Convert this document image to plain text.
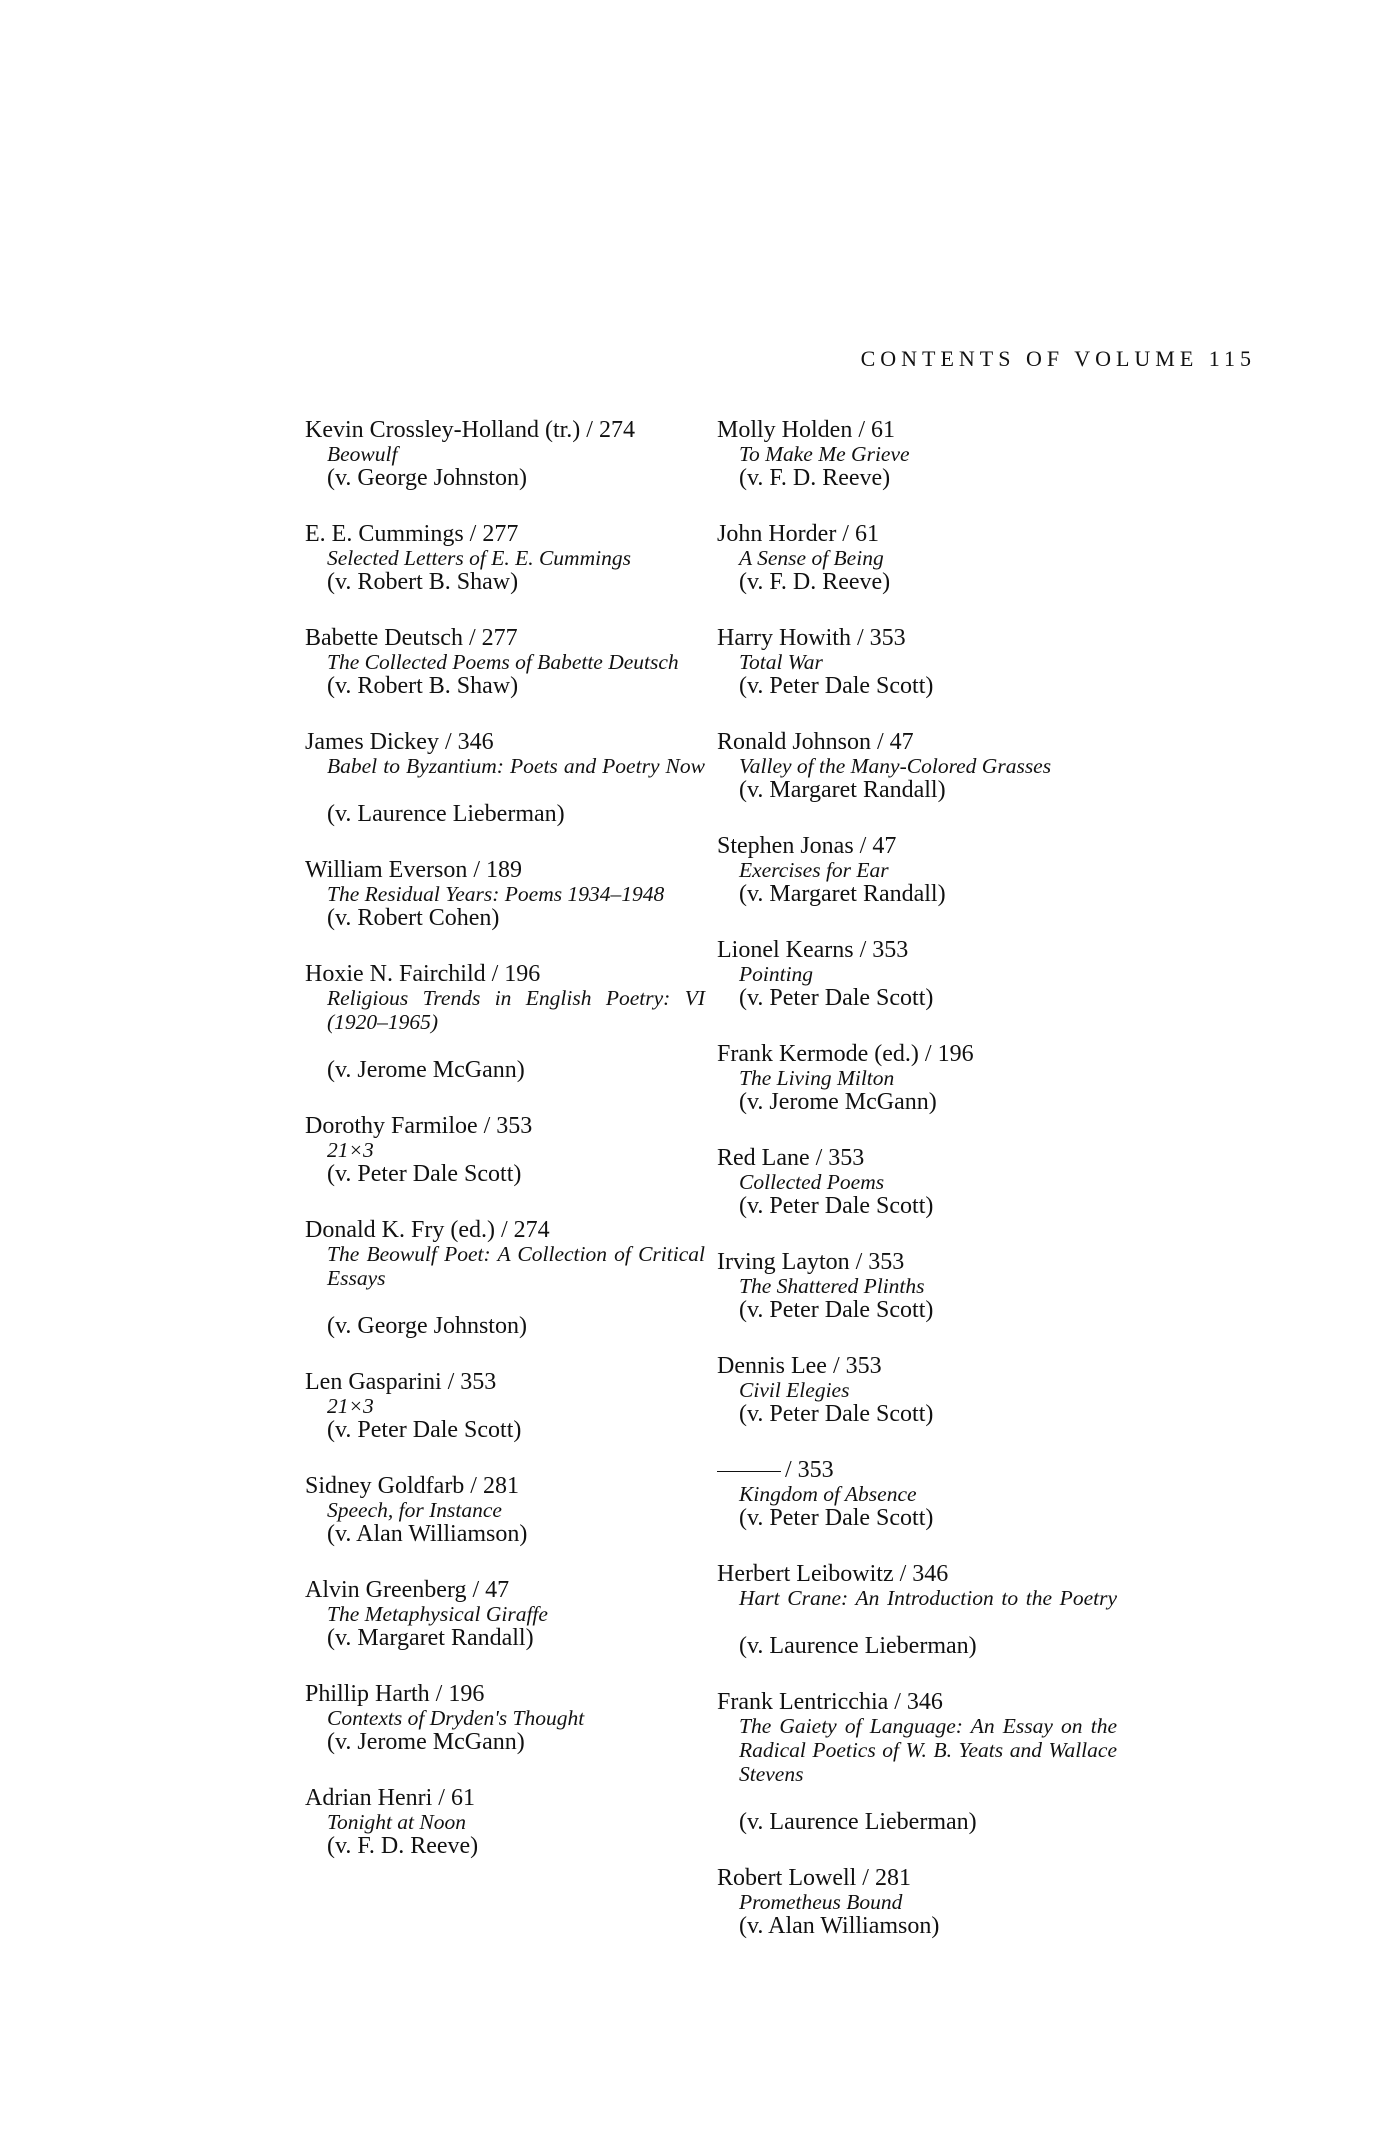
CONTENTS OF VOLUME 115
Kevin Crossley-Holland (tr.) / 274
Beowulf
(v. George Johnston)
E. E. Cummings / 277
Selected Letters of E. E. Cummings
(v. Robert B. Shaw)
Babette Deutsch / 277
The Collected Poems of Babette Deutsch
(v. Robert B. Shaw)
James Dickey / 346
Babel to Byzantium: Poets and Poetry Now
(v. Laurence Lieberman)
William Everson / 189
The Residual Years: Poems 1934–1948
(v. Robert Cohen)
Hoxie N. Fairchild / 196
Religious Trends in English Poetry: VI (1920–1965)
(v. Jerome McGann)
Dorothy Farmiloe / 353
21×3
(v. Peter Dale Scott)
Donald K. Fry (ed.) / 274
The Beowulf Poet: A Collection of Critical Essays
(v. George Johnston)
Len Gasparini / 353
21×3
(v. Peter Dale Scott)
Sidney Goldfarb / 281
Speech, for Instance
(v. Alan Williamson)
Alvin Greenberg / 47
The Metaphysical Giraffe
(v. Margaret Randall)
Phillip Harth / 196
Contexts of Dryden's Thought
(v. Jerome McGann)
Adrian Henri / 61
Tonight at Noon
(v. F. D. Reeve)
Molly Holden / 61
To Make Me Grieve
(v. F. D. Reeve)
John Horder / 61
A Sense of Being
(v. F. D. Reeve)
Harry Howith / 353
Total War
(v. Peter Dale Scott)
Ronald Johnson / 47
Valley of the Many-Colored Grasses
(v. Margaret Randall)
Stephen Jonas / 47
Exercises for Ear
(v. Margaret Randall)
Lionel Kearns / 353
Pointing
(v. Peter Dale Scott)
Frank Kermode (ed.) / 196
The Living Milton
(v. Jerome McGann)
Red Lane / 353
Collected Poems
(v. Peter Dale Scott)
Irving Layton / 353
The Shattered Plinths
(v. Peter Dale Scott)
Dennis Lee / 353
Civil Elegies
(v. Peter Dale Scott)
/ 353
Kingdom of Absence
(v. Peter Dale Scott)
Herbert Leibowitz / 346
Hart Crane: An Introduction to the Poetry
(v. Laurence Lieberman)
Frank Lentricchia / 346
The Gaiety of Language: An Essay on the Radical Poetics of W. B. Yeats and Wallace Stevens
(v. Laurence Lieberman)
Robert Lowell / 281
Prometheus Bound
(v. Alan Williamson)
